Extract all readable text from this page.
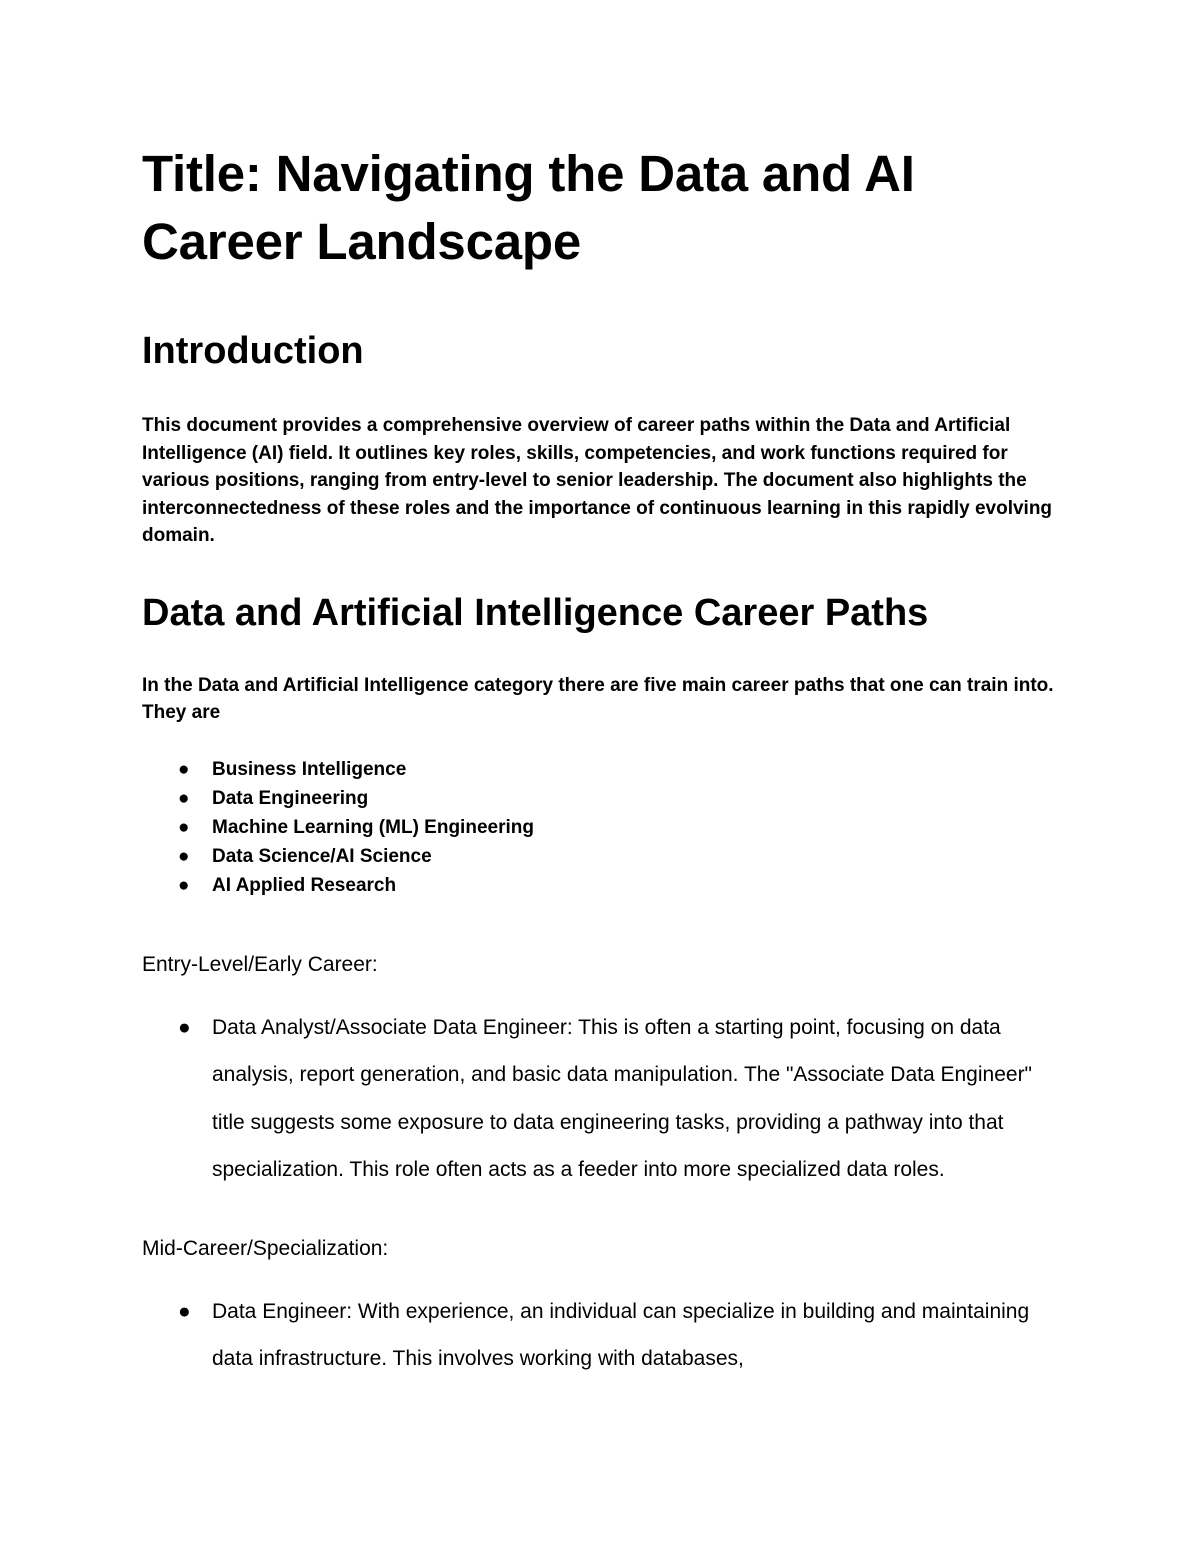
Title: Navigating the Data and AI Career Landscape
Introduction

This document provides a comprehensive overview of career paths within the Data and Artificial Intelligence (AI) field. It outlines key roles, skills, competencies, and work functions required for various positions, ranging from entry-level to senior leadership. The document also highlights the interconnectedness of these roles and the importance of continuous learning in this rapidly evolving domain.

Data and Artificial Intelligence Career Paths

In the Data and Artificial Intelligence category there are five main career paths that one can train into. They are

● Business Intelligence
● Data Engineering
● Machine Learning (ML) Engineering
● Data Science/AI Science
● AI Applied Research

Entry-Level/Early Career:

● Data Analyst/Associate Data Engineer: This is often a starting point, focusing on data analysis, report generation, and basic data manipulation. The "Associate Data Engineer" title suggests some exposure to data engineering tasks, providing a pathway into that specialization. This role often acts as a feeder into more specialized data roles.

Mid-Career/Specialization:

● Data Engineer: With experience, an individual can specialize in building and maintaining data infrastructure. This involves working with databases,
